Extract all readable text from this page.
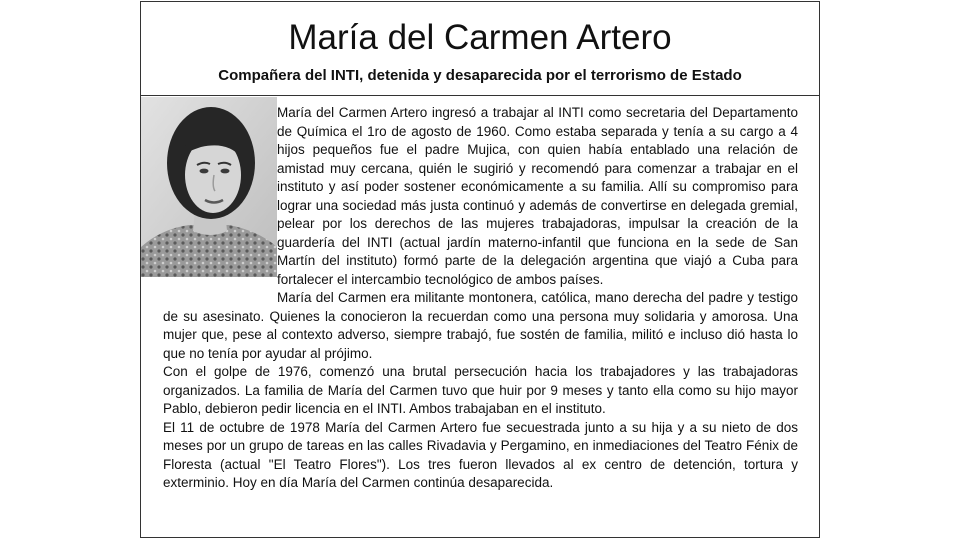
María del Carmen Artero
Compañera del INTI, detenida y desaparecida por el terrorismo de Estado

María del Carmen Artero ingresó a trabajar al INTI como secretaria del Departamento de Química el 1ro de agosto de 1960. Como estaba separada y tenía a su cargo a 4 hijos pequeños fue el padre Mujica, con quien había entablado una relación de amistad muy cercana, quién le sugirió y recomendó para comenzar a trabajar en el instituto y así poder sostener económicamente a su familia. Allí su compromiso para lograr una sociedad más justa continuó y además de convertirse en delegada gremial, pelear por los derechos de las mujeres trabajadoras, impulsar la creación de la guardería del INTI (actual jardín materno-infantil que funciona en la sede de San Martín del instituto) formó parte de la delegación argentina que viajó a Cuba para fortalecer el intercambio tecnológico de ambos países.

María del Carmen era militante montonera, católica, mano derecha del padre y testigo de su asesinato. Quienes la conocieron la recuerdan como una persona muy solidaria y amorosa. Una mujer que, pese al contexto adverso, siempre trabajó, fue sostén de familia, militó e incluso dió hasta lo que no tenía por ayudar al prójimo.

Con el golpe de 1976, comenzó una brutal persecución hacia los trabajadores y las trabajadoras organizados. La familia de María del Carmen tuvo que huir por 9 meses y tanto ella como su hijo mayor Pablo, debieron pedir licencia en el INTI. Ambos trabajaban en el instituto.

El 11 de octubre de 1978 María del Carmen Artero fue secuestrada junto a su hija y a su nieto de dos meses por un grupo de tareas en las calles Rivadavia y Pergamino, en inmediaciones del Teatro Fénix de Floresta (actual "El Teatro Flores"). Los tres fueron llevados al ex centro de detención, tortura y exterminio. Hoy en día María del Carmen continúa desaparecida.
